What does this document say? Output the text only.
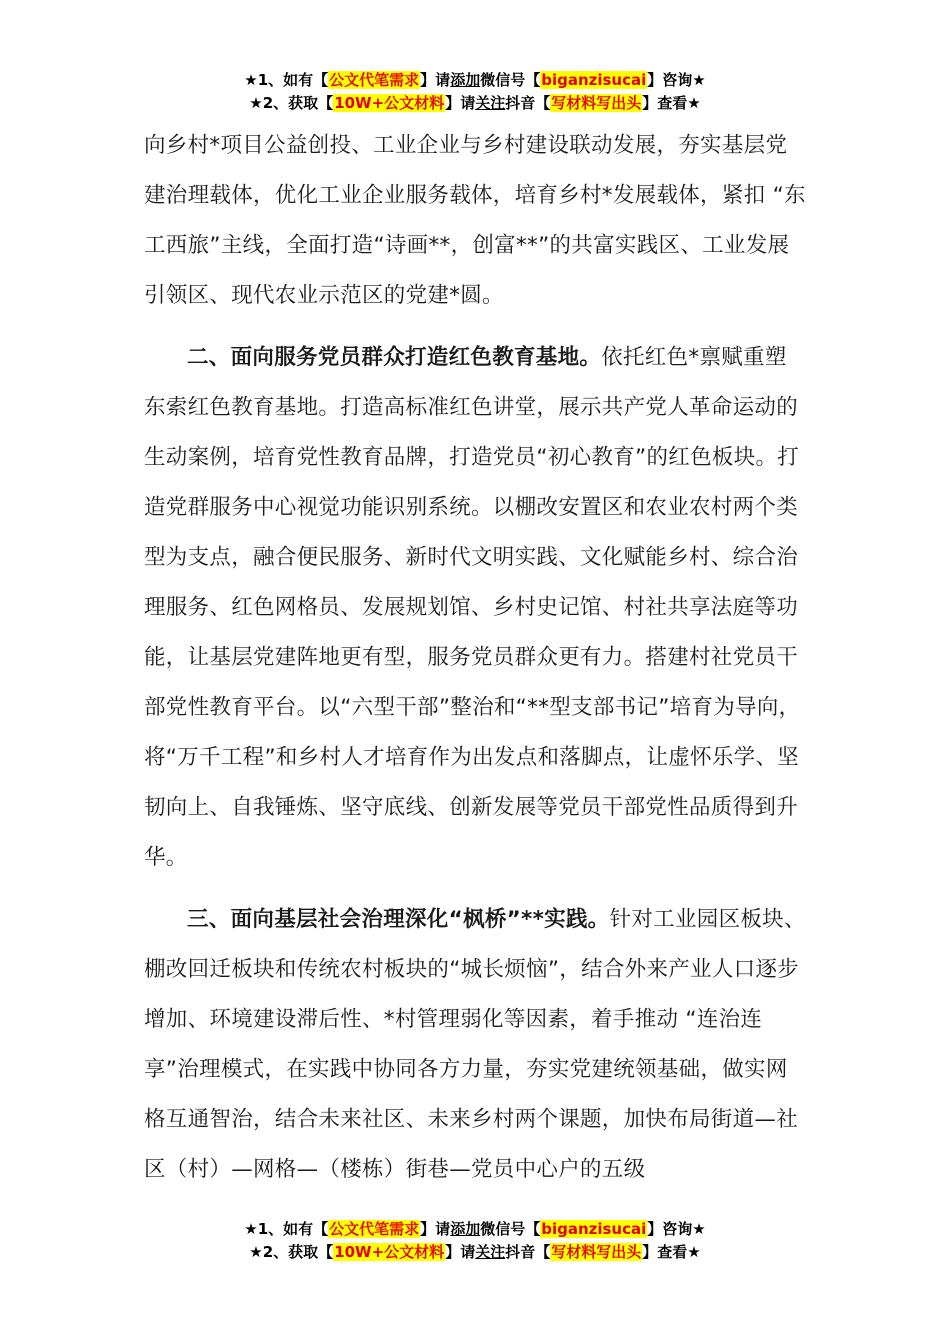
★1、如有【公文代笔需求】请添加微信号【biganzisucai】咨询★
★2、获取【10W+公文材料】请关注抖音【写材料写出头】查看★

向乡村*项目公益创投、工业企业与乡村建设联动发展，夯实基层党建治理载体，优化工业企业服务载体，培育乡村*发展载体，紧扣 “东工西旅”主线，全面打造“诗画**，创富**”的共富实践区、工业发展引领区、现代农业示范区的党建*圆。

二、面向服务党员群众打造红色教育基地。依托红色*禀赋重塑东索红色教育基地。打造高标准红色讲堂，展示共产党人革命运动的生动案例，培育党性教育品牌，打造党员“初心教育”的红色板块。打造党群服务中心视觉功能识别系统。以棚改安置区和农业农村两个类型为支点，融合便民服务、新时代文明实践、文化赋能乡村、综合治理服务、红色网格员、发展规划馆、乡村史记馆、村社共享法庭等功能，让基层党建阵地更有型，服务党员群众更有力。搭建村社党员干部党性教育平台。以“六型干部”整治和“**型支部书记”培育为导向，将“万千工程”和乡村人才培育作为出发点和落脚点，让虚怀乐学、坚韧向上、自我锤炼、坚守底线、创新发展等党员干部党性品质得到升华。

三、面向基层社会治理深化“枫桥”**实践。针对工业园区板块、棚改回迁板块和传统农村板块的“城长烦恼”，结合外来产业人口逐步增加、环境建设滞后性、*村管理弱化等因素，着手推动 “连治连享”治理模式，在实践中协同各方力量，夯实党建统领基础，做实网格互通智治，结合未来社区、未来乡村两个课题，加快布局街道—社区（村）—网格—（楼栋）街巷—党员中心户的五级

★1、如有【公文代笔需求】请添加微信号【biganzisucai】咨询★
★2、获取【10W+公文材料】请关注抖音【写材料写出头】查看★
